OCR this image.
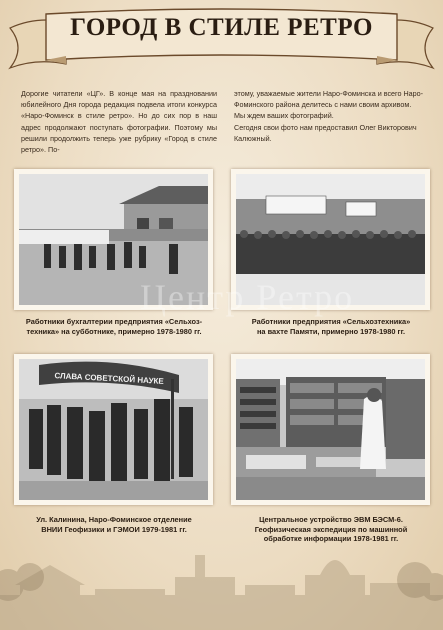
ГОРОД В СТИЛЕ РЕТРО

Дорогие читатели «ЦГ». В конце мая на праздновании юбилейного Дня города редакция подвела итоги конкурса «Наро-Фоминск в стиле ретро». Но до сих пор в наш адрес продолжают поступать фотографии. Поэтому мы решили продолжить теперь уже рубрику «Город в стиле ретро». По-

этому, уважаемые жители Наро-Фоминска и всего Наро-Фоминского района делитесь с нами своим архивом.

Мы ждем ваших фотографий.

Сегодня свои фото нам предоставил Олег Викторович Калюжный.

Работники бухгалтерии предприятия «Сельхоз-
техника» на субботнике, примерно 1978-1980 гг.
Работники предприятия «Сельхозтехника»
на вахте Памяти, примерно 1978-1980 гг.
СЛАВА СОВЕТСКОЙ НАУКЕ
Ул. Калинина, Наро-Фоминское отделение
ВНИИ Геофизики и ГЭМОИ 1979-1981 гг.
Центральное устройство ЭВМ БЭСМ-6.
Геофизическая экспедиция по машинной
обработке информации 1978-1981 гг.
Центр Ретро
